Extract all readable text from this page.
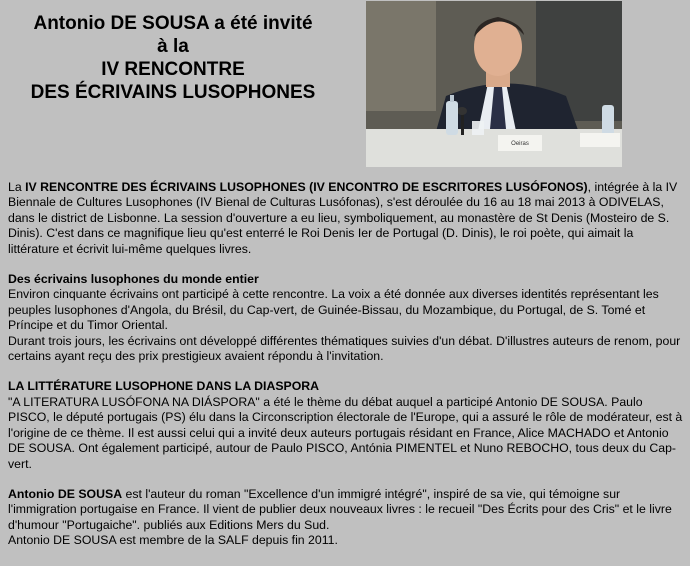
Antonio DE SOUSA a été invité
à la
IV RENCONTRE
DES ÉCRIVAINS LUSOPHONES
Oeiras

La IV RENCONTRE DES ÉCRIVAINS LUSOPHONES (IV ENCONTRO DE ESCRITORES LUSÓFONOS), intégrée à la IV Biennale de Cultures Lusophones (IV Bienal de Culturas Lusófonas), s'est déroulée du 16 au 18 mai 2013 à ODIVELAS, dans le district de Lisbonne. La session d'ouverture a eu lieu, symboliquement, au monastère de St Denis (Mosteiro de S. Dinis). C'est dans ce magnifique lieu qu'est enterré le Roi Denis Ier de Portugal (D. Dinis), le roi poète, qui aimait la littérature et écrivit lui-même quelques livres.

Des écrivains lusophones du monde entier
Environ cinquante écrivains ont participé à cette rencontre. La voix a été donnée aux diverses identités représentant les peuples lusophones d'Angola, du Brésil, du Cap-vert, de Guinée-Bissau, du Mozambique, du Portugal, de S. Tomé et Príncipe et du Timor Oriental.
Durant trois jours, les écrivains ont développé différentes thématiques suivies d'un débat. D'illustres auteurs de renom, pour certains ayant reçu des prix prestigieux avaient répondu à l'invitation.

LA LITTÉRATURE LUSOPHONE DANS LA DIASPORA
"A LITERATURA LUSÓFONA NA DIÁSPORA" a été le thème du débat auquel a participé Antonio DE SOUSA. Paulo PISCO, le député portugais (PS) élu dans la Circonscription électorale de l'Europe, qui a assuré le rôle de modérateur, est à l'origine de ce thème. Il est aussi celui qui a invité deux auteurs portugais résidant en France, Alice MACHADO et Antonio DE SOUSA. Ont également participé, autour de Paulo PISCO, Antónia PIMENTEL et Nuno REBOCHO, tous deux du Cap-vert.

Antonio DE SOUSA est l'auteur du roman "Excellence d'un immigré intégré", inspiré de sa vie, qui témoigne sur l'immigration portugaise en France. Il vient de publier deux nouveaux livres : le recueil "Des Écrits pour des Cris" et le livre d'humour "Portugaiche". publiés aux Editions Mers du Sud.
Antonio DE SOUSA est membre de la SALF depuis fin 2011.
